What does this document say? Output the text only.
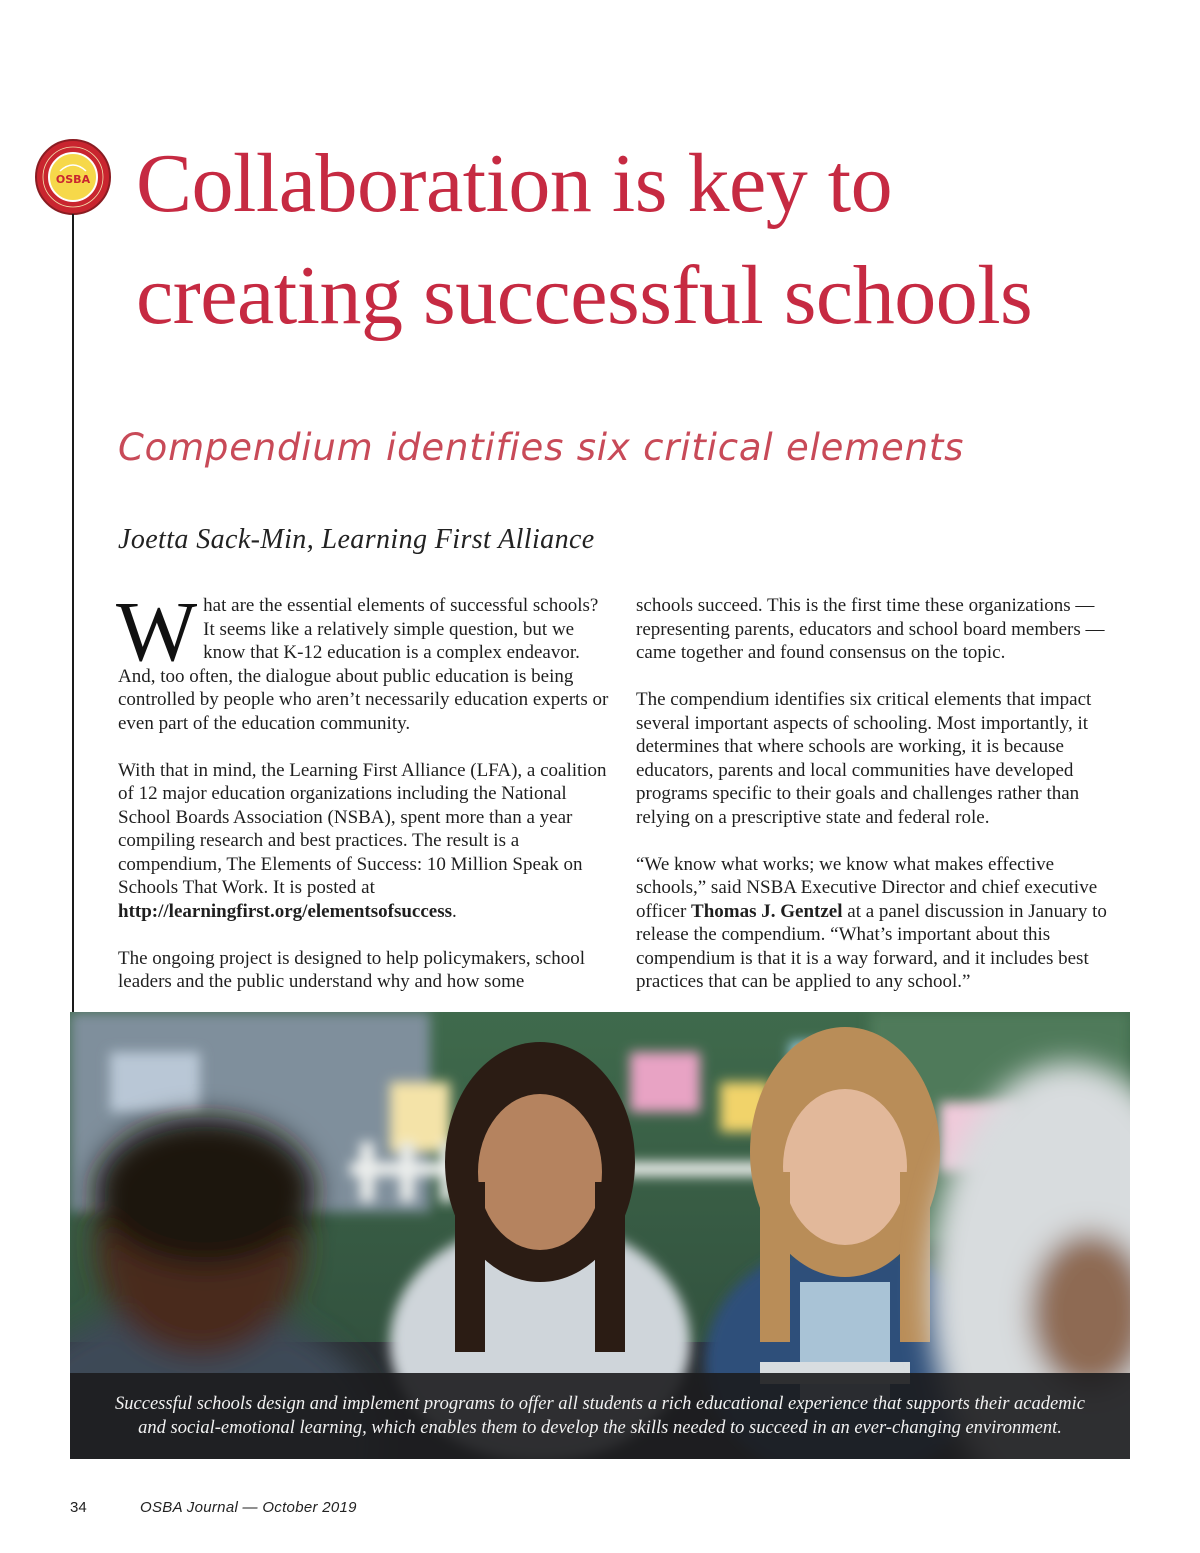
OSBA Collaboration is key to creating successful schools
Compendium identifies six critical elements

Joetta Sack-Min, Learning First Alliance

What are the essential elements of successful schools? It seems like a relatively simple question, but we know that K-12 education is a complex endeavor. And, too often, the dialogue about public education is being controlled by people who aren’t necessarily education experts or even part of the education community.

With that in mind, the Learning First Alliance (LFA), a coalition of 12 major education organizations including the National School Boards Association (NSBA), spent more than a year compiling research and best practices. The result is a compendium, The Elements of Success: 10 Million Speak on Schools That Work. It is posted at http://learningfirst.org/elementsofsuccess.

The ongoing project is designed to help policymakers, school leaders and the public understand why and how some

schools succeed. This is the first time these organizations — representing parents, educators and school board members — came together and found consensus on the topic.

The compendium identifies six critical elements that impact several important aspects of schooling. Most importantly, it determines that where schools are working, it is because educators, parents and local communities have developed programs specific to their goals and challenges rather than relying on a prescriptive state and federal role.

“We know what works; we know what makes effective schools,” said NSBA Executive Director and chief executive officer Thomas J. Gentzel at a panel discussion in January to release the compendium. “What’s important about this compendium is that it is a way forward, and it includes best practices that can be applied to any school.”

Successful schools design and implement programs to offer all students a rich educational experience that supports their academic and social-emotional learning, which enables them to develop the skills needed to succeed in an ever-changing environment.

34	OSBA Journal — October 2019
